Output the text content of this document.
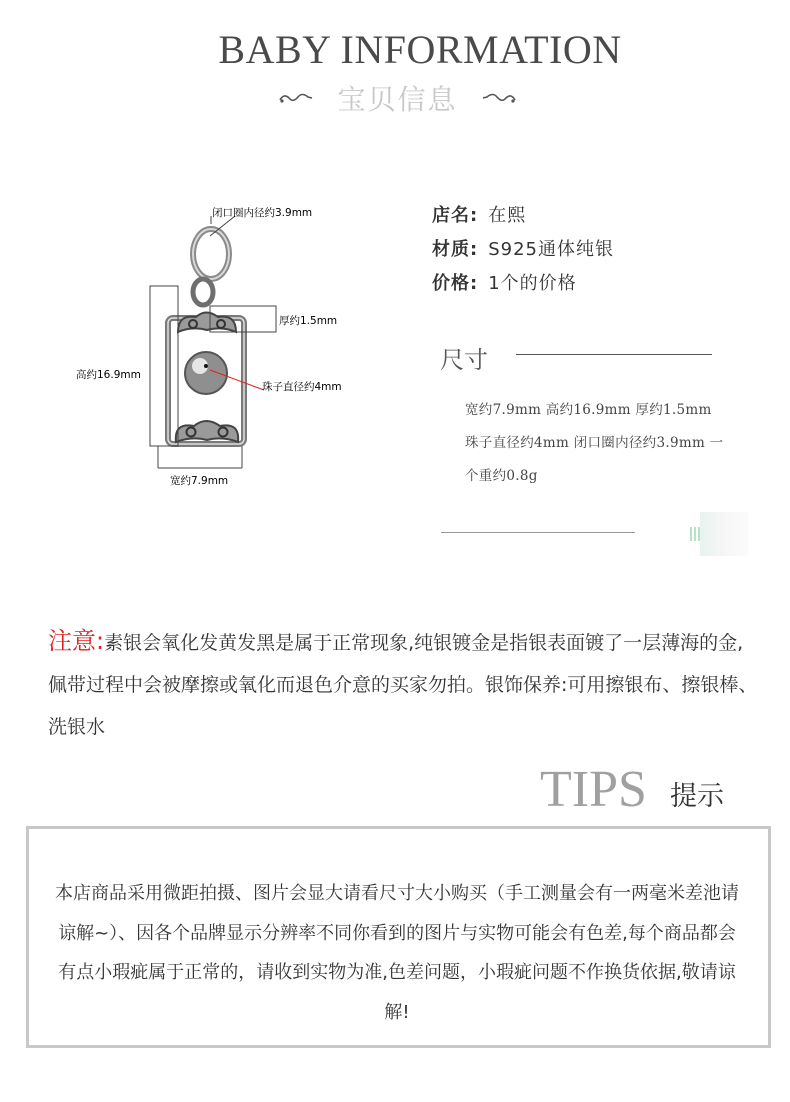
BABY INFORMATION
宝贝信息
闭口圈内径约3.9mm
厚约1.5mm
高约16.9mm
珠子直径约4mm
宽约7.9mm
店名: 在熙
材质: S925通体纯银
价格: 1个的价格
尺寸
宽约7.9mm 高约16.9mm 厚约1.5mm 珠子直径约4mm 闭口圈内径约3.9mm 一个重约0.8g
注意:素银会氧化发黄发黑是属于正常现象,纯银镀金是指银表面镀了一层薄海的金,佩带过程中会被摩擦或氧化而退色介意的买家勿拍。银饰保养:可用擦银布、擦银棒、洗银水
TIPS 提示
本店商品采用微距拍摄、图片会显大请看尺寸大小购买（手工测量会有一两毫米差池请谅解~）、因各个品牌显示分辨率不同你看到的图片与实物可能会有色差,每个商品都会有点小瑕疵属于正常的，请收到实物为准,色差问题，小瑕疵问题不作换货依据,敬请谅解!
